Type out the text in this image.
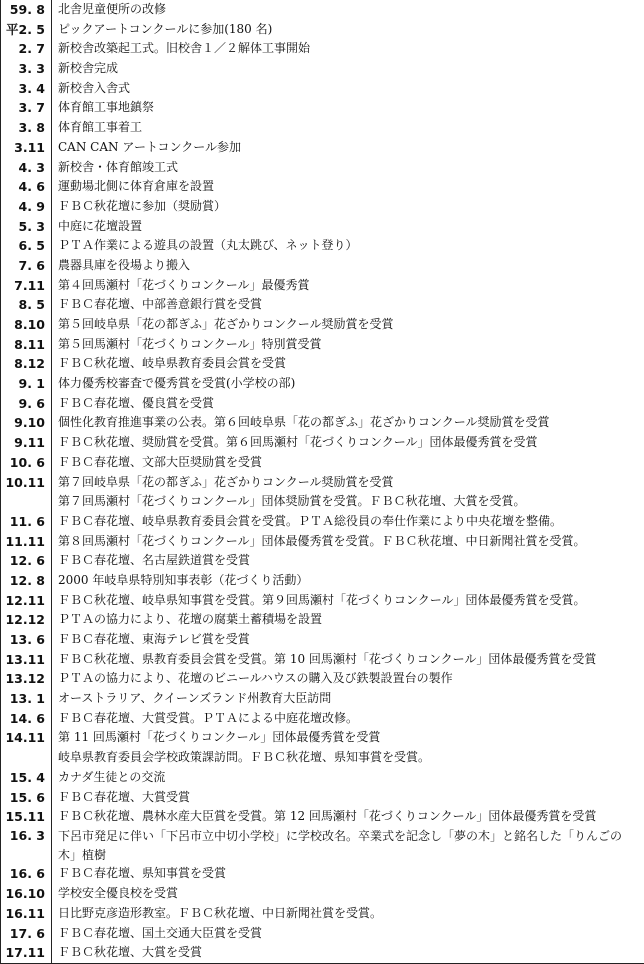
59. 8	北舎児童便所の改修
平2. 5	ピックアートコンクールに参加(180 名)
2. 7	新校舎改築起工式。旧校舎１／２解体工事開始
3. 3	新校舎完成
3. 4	新校舎入舎式
3. 7	体育館工事地鎮祭
3. 8	体育館工事着工
3.11	CAN CAN アートコンクール参加
4. 3	新校舎・体育館竣工式
4. 6	運動場北側に体育倉庫を設置
4. 9	ＦＢＣ秋花壇に参加（奨励賞）
5. 3	中庭に花壇設置
6. 5	ＰＴＡ作業による遊具の設置（丸太跳び、ネット登り）
7. 6	農器具庫を役場より搬入
7.11	第４回馬瀬村「花づくりコンクール」最優秀賞
8. 5	ＦＢＣ春花壇、中部善意銀行賞を受賞
8.10	第５回岐阜県「花の都ぎふ」花ざかりコンクール奨励賞を受賞
8.11	第５回馬瀬村「花づくりコンクール」特別賞受賞
8.12	ＦＢＣ秋花壇、岐阜県教育委員会賞を受賞
9. 1	体力優秀校審査で優秀賞を受賞(小学校の部)
9. 6	ＦＢＣ春花壇、優良賞を受賞
9.10	個性化教育推進事業の公表。第６回岐阜県「花の都ぎふ」花ざかりコンクール奨励賞を受賞
9.11	ＦＢＣ秋花壇、奨励賞を受賞。第６回馬瀬村「花づくりコンクール」団体最優秀賞を受賞
10. 6	ＦＢＣ春花壇、文部大臣奨励賞を受賞
10.11	第７回岐阜県「花の都ぎふ」花ざかりコンクール奨励賞を受賞
第７回馬瀬村「花づくりコンクール」団体奨励賞を受賞。ＦＢＣ秋花壇、大賞を受賞。
11. 6	ＦＢＣ春花壇、岐阜県教育委員会賞を受賞。ＰＴＡ総役員の奉仕作業により中央花壇を整備。
11.11	第８回馬瀬村「花づくりコンクール」団体最優秀賞を受賞。ＦＢＣ秋花壇、中日新聞社賞を受賞。
12. 6	ＦＢＣ春花壇、名古屋鉄道賞を受賞
12. 8	2000 年岐阜県特別知事表彰（花づくり活動）
12.11	ＦＢＣ秋花壇、岐阜県知事賞を受賞。第９回馬瀬村「花づくりコンクール」団体最優秀賞を受賞。
12.12	ＰＴＡの協力により、花壇の腐葉土蓄積場を設置
13. 6	ＦＢＣ春花壇、東海テレビ賞を受賞
13.11	ＦＢＣ秋花壇、県教育委員会賞を受賞。第 10 回馬瀬村「花づくりコンクール」団体最優秀賞を受賞
13.12	ＰＴＡの協力により、花壇のビニールハウスの購入及び鉄製設置台の製作
13. 1	オーストラリア、クイーンズランド州教育大臣訪問
14. 6	ＦＢＣ春花壇、大賞受賞。ＰＴＡによる中庭花壇改修。
14.11	第 11 回馬瀬村「花づくりコンクール」団体最優秀賞を受賞
岐阜県教育委員会学校政策課訪問。ＦＢＣ秋花壇、県知事賞を受賞。
15. 4	カナダ生徒との交流
15. 6	ＦＢＣ春花壇、大賞受賞
15.11	ＦＢＣ秋花壇、農林水産大臣賞を受賞。第 12 回馬瀬村「花づくりコンクール」団体最優秀賞を受賞
16. 3	下呂市発足に伴い「下呂市立中切小学校」に学校改名。卒業式を記念し「夢の木」と銘名した「りんごの木」植樹
16. 6	ＦＢＣ春花壇、県知事賞を受賞
16.10	学校安全優良校を受賞
16.11	日比野克彦造形教室。ＦＢＣ秋花壇、中日新聞社賞を受賞。
17. 6	ＦＢＣ春花壇、国土交通大臣賞を受賞
17.11	ＦＢＣ秋花壇、大賞を受賞
